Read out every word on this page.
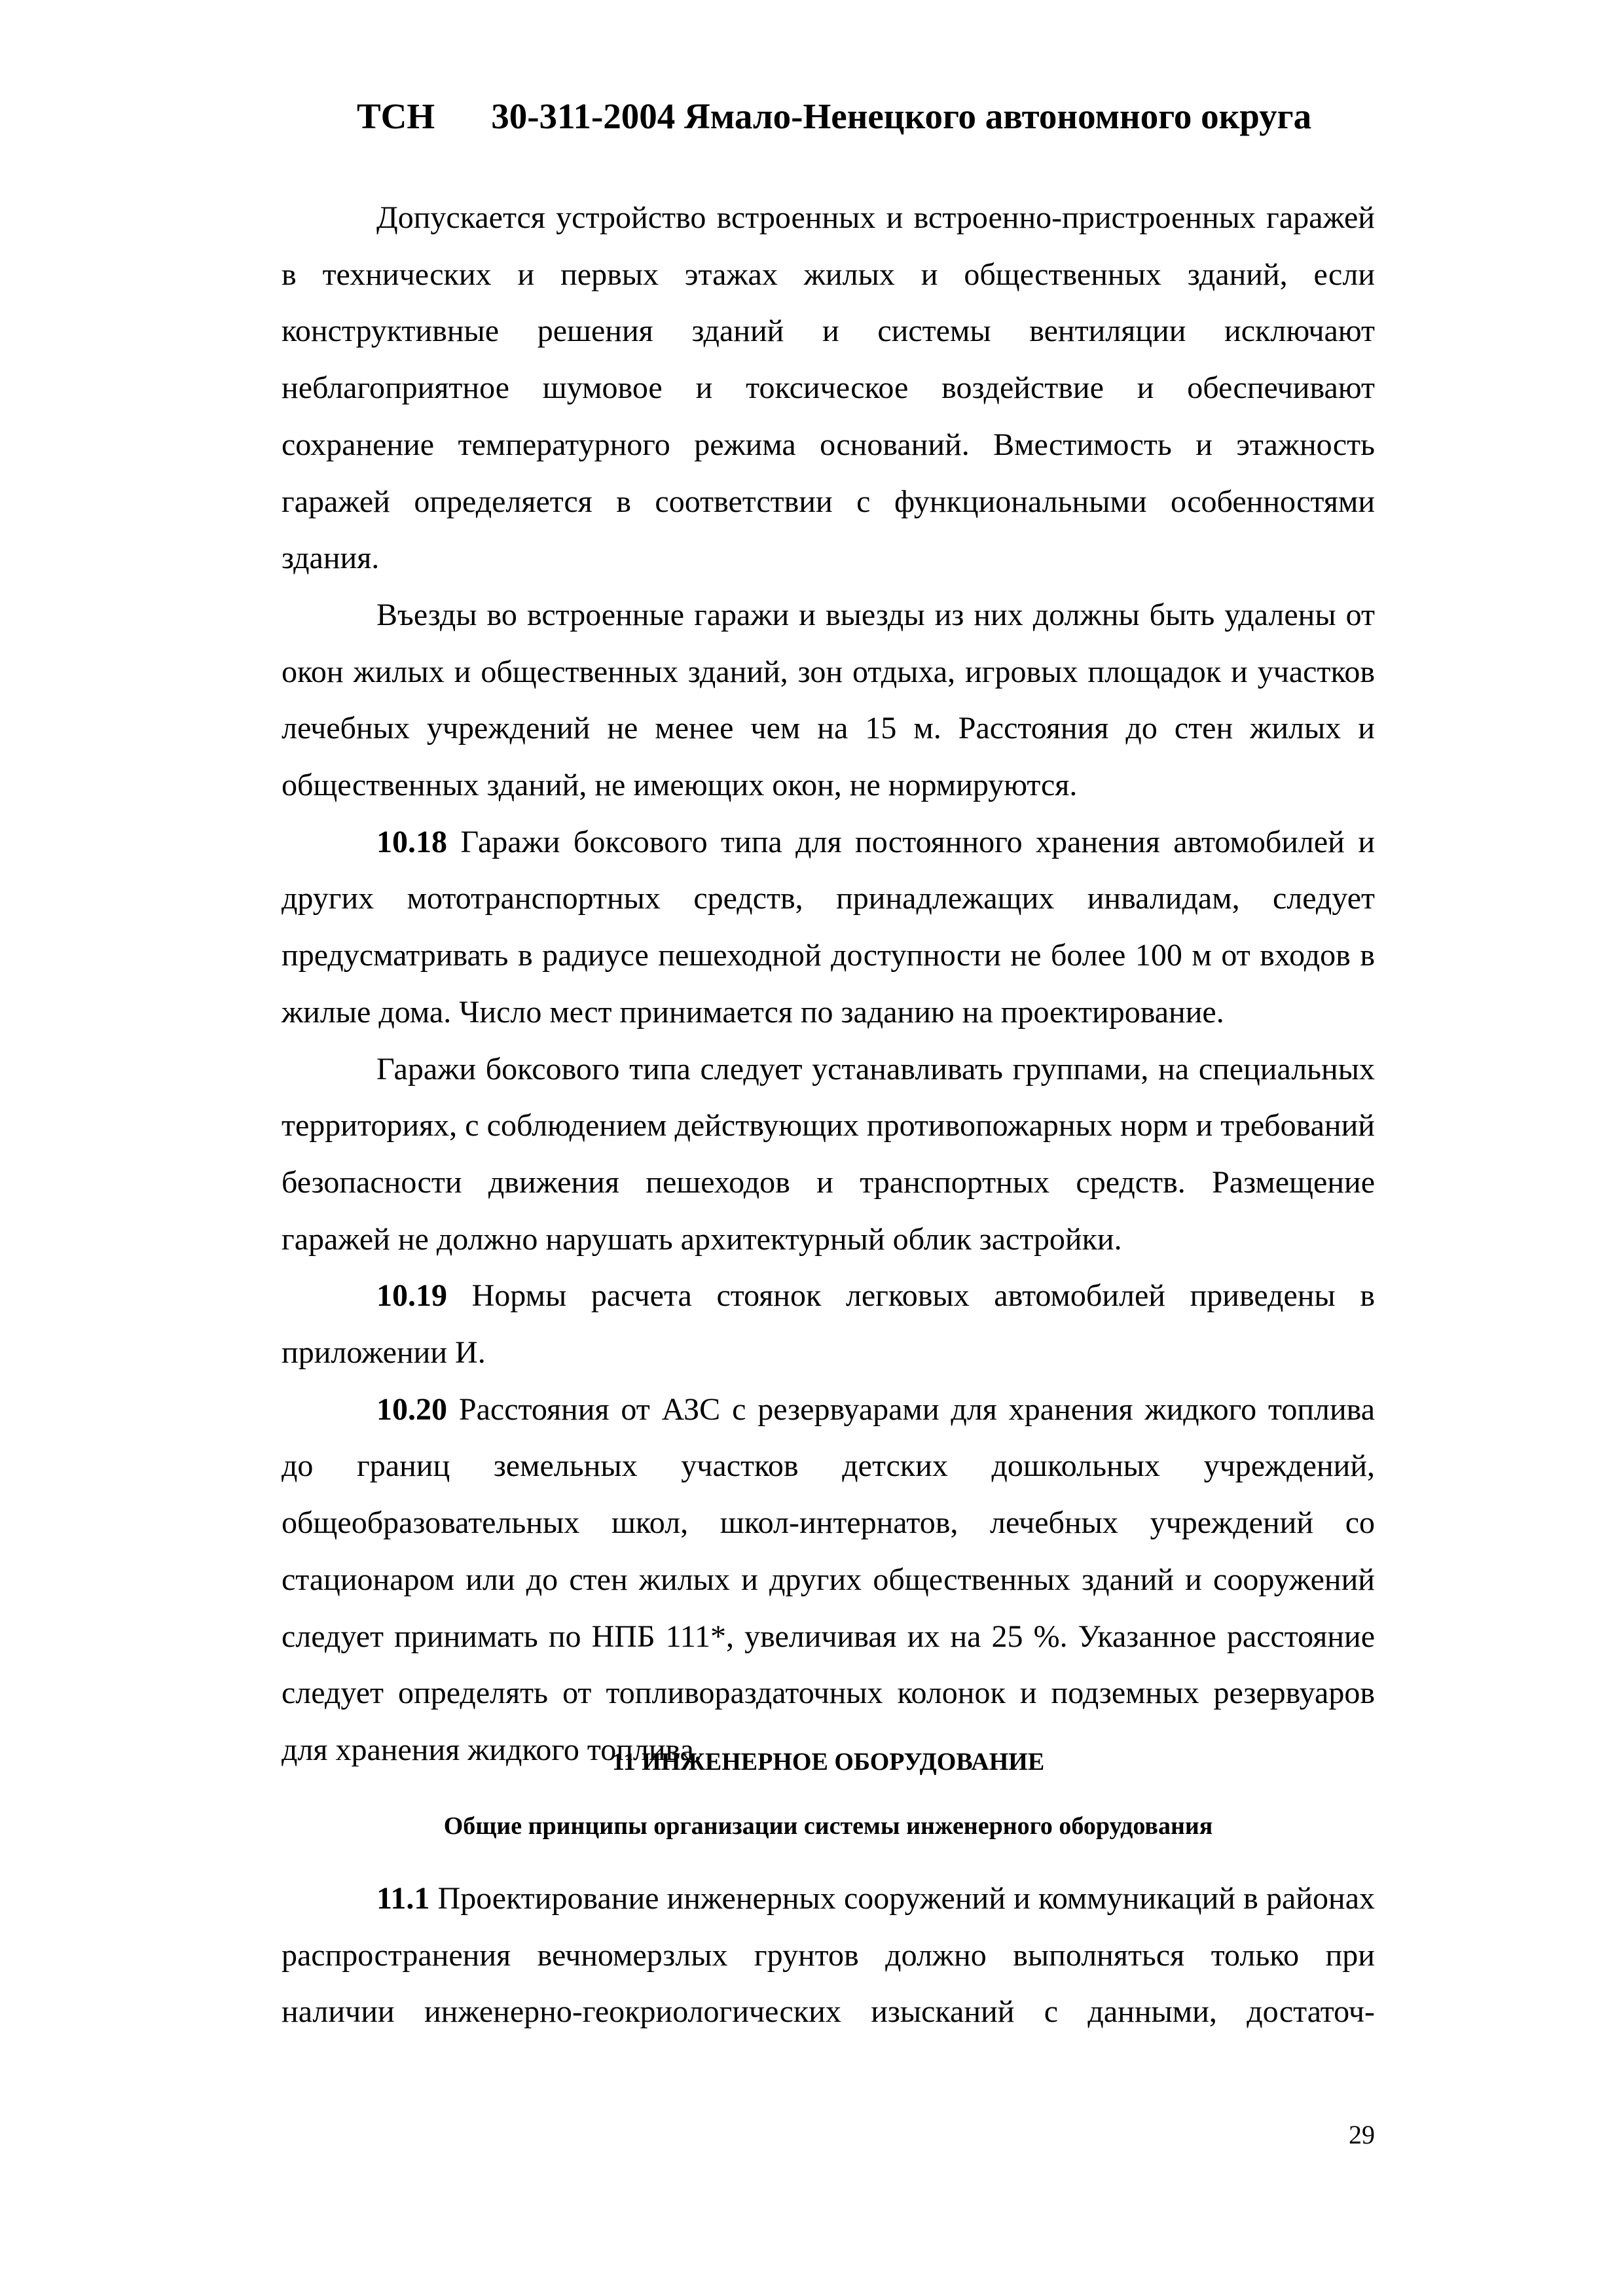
ТСН 30-311-2004 Ямало-Ненецкого автономного округа

Допускается устройство встроенных и встроенно-пристроенных гаражей в технических и первых этажах жилых и общественных зданий, если конструктивные решения зданий и системы вентиляции исключают неблагоприятное шумовое и токсическое воздействие и обеспечивают сохранение температурного режима оснований. Вместимость и этажность гаражей определяется в соответствии с функциональными особенностями здания.

Въезды во встроенные гаражи и выезды из них должны быть удалены от окон жилых и общественных зданий, зон отдыха, игровых площадок и участков лечебных учреждений не менее чем на 15 м. Расстояния до стен жилых и общественных зданий, не имеющих окон, не нормируются.

10.18 Гаражи боксового типа для постоянного хранения автомобилей и других мототранспортных средств, принадлежащих инвалидам, следует предусматривать в радиусе пешеходной доступности не более 100 м от входов в жилые дома. Число мест принимается по заданию на проектирование.

Гаражи боксового типа следует устанавливать группами, на специальных территориях, с соблюдением действующих противопожарных норм и требований безопасности движения пешеходов и транспортных средств. Размещение гаражей не должно нарушать архитектурный облик застройки.

10.19 Нормы расчета стоянок легковых автомобилей приведены в приложении И.

10.20 Расстояния от АЗС с резервуарами для хранения жидкого топлива до границ земельных участков детских дошкольных учреждений, общеобразовательных школ, школ-интернатов, лечебных учреждений со стационаром или до стен жилых и других общественных зданий и сооружений следует принимать по НПБ 111*, увеличивая их на 25 %. Указанное расстояние следует определять от топливораздаточных колонок и подземных резервуаров для хранения жидкого топлива.

11 ИНЖЕНЕРНОЕ ОБОРУДОВАНИЕ
Общие принципы организации системы инженерного оборудования

11.1 Проектирование инженерных сооружений и коммуникаций в районах распространения вечномерзлых грунтов должно выполняться только при наличии инженерно-геокриологических изысканий с данными, достаточ-

29
